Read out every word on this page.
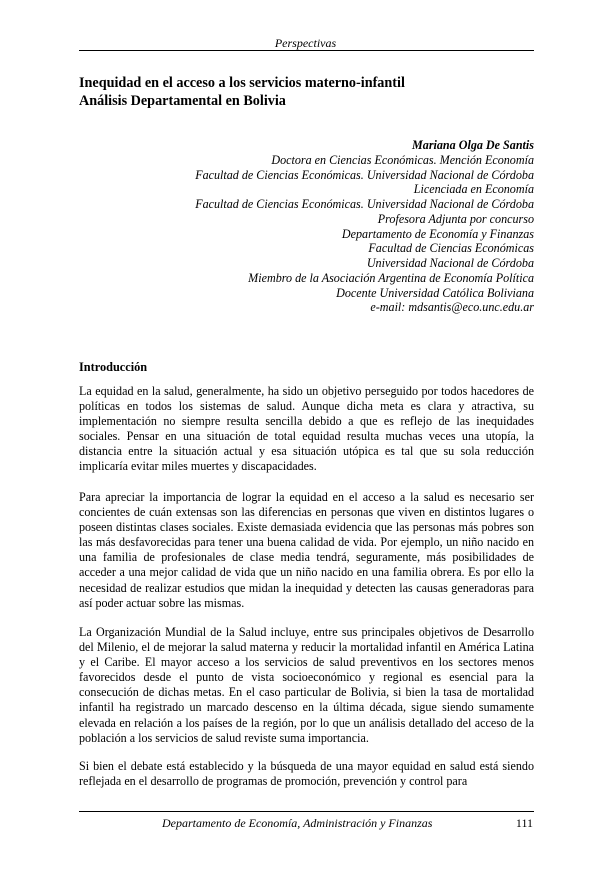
Perspectivas
Inequidad en el acceso a los servicios materno-infantil
Análisis Departamental en Bolivia
Mariana Olga De Santis
Doctora en Ciencias Económicas. Mención Economía
Facultad de Ciencias Económicas. Universidad Nacional de Córdoba
Licenciada en Economía
Facultad de Ciencias Económicas. Universidad Nacional de Córdoba
Profesora Adjunta por concurso
Departamento de Economía y Finanzas
Facultad de Ciencias Económicas
Universidad Nacional de Córdoba
Miembro de la Asociación Argentina de Economía Política
Docente Universidad Católica Boliviana
e-mail: mdsantis@eco.unc.edu.ar
Introducción
La equidad en la salud, generalmente, ha sido un objetivo perseguido por todos hacedores de políticas en todos los sistemas de salud. Aunque dicha meta es clara y atractiva, su implementación no siempre resulta sencilla debido a que es reflejo de las inequidades sociales. Pensar en una situación de total equidad resulta muchas veces una utopía, la distancia entre la situación actual y esa situación utópica es tal que su sola reducción implicaría evitar miles muertes y discapacidades.
Para apreciar la importancia de lograr la equidad en el acceso a la salud es necesario ser concientes de cuán extensas son las diferencias en personas que viven en distintos lugares o poseen distintas clases sociales. Existe demasiada evidencia que las personas más pobres son las más desfavorecidas para tener una buena calidad de vida. Por ejemplo, un niño nacido en una familia de profesionales de clase media tendrá, seguramente, más posibilidades de acceder a una mejor calidad de vida que un niño nacido en una familia obrera. Es por ello la necesidad de realizar estudios que midan la inequidad y detecten las causas generadoras para así poder actuar sobre las mismas.
La Organización Mundial de la Salud incluye, entre sus principales objetivos de Desarrollo del Milenio, el de mejorar la salud materna y reducir la mortalidad infantil en América Latina y el Caribe. El mayor acceso a los servicios de salud preventivos en los sectores menos favorecidos desde el punto de vista socioeconómico y regional es esencial para la consecución de dichas metas. En el caso particular de Bolivia, si bien la tasa de mortalidad infantil ha registrado un marcado descenso en la última década, sigue siendo sumamente elevada en relación a los países de la región, por lo que un análisis detallado del acceso de la población a los servicios de salud reviste suma importancia.
Si bien el debate está establecido y la búsqueda de una mayor equidad en salud está siendo reflejada en el desarrollo de programas de promoción, prevención y control para
Departamento de Economía, Administración y Finanzas	111
